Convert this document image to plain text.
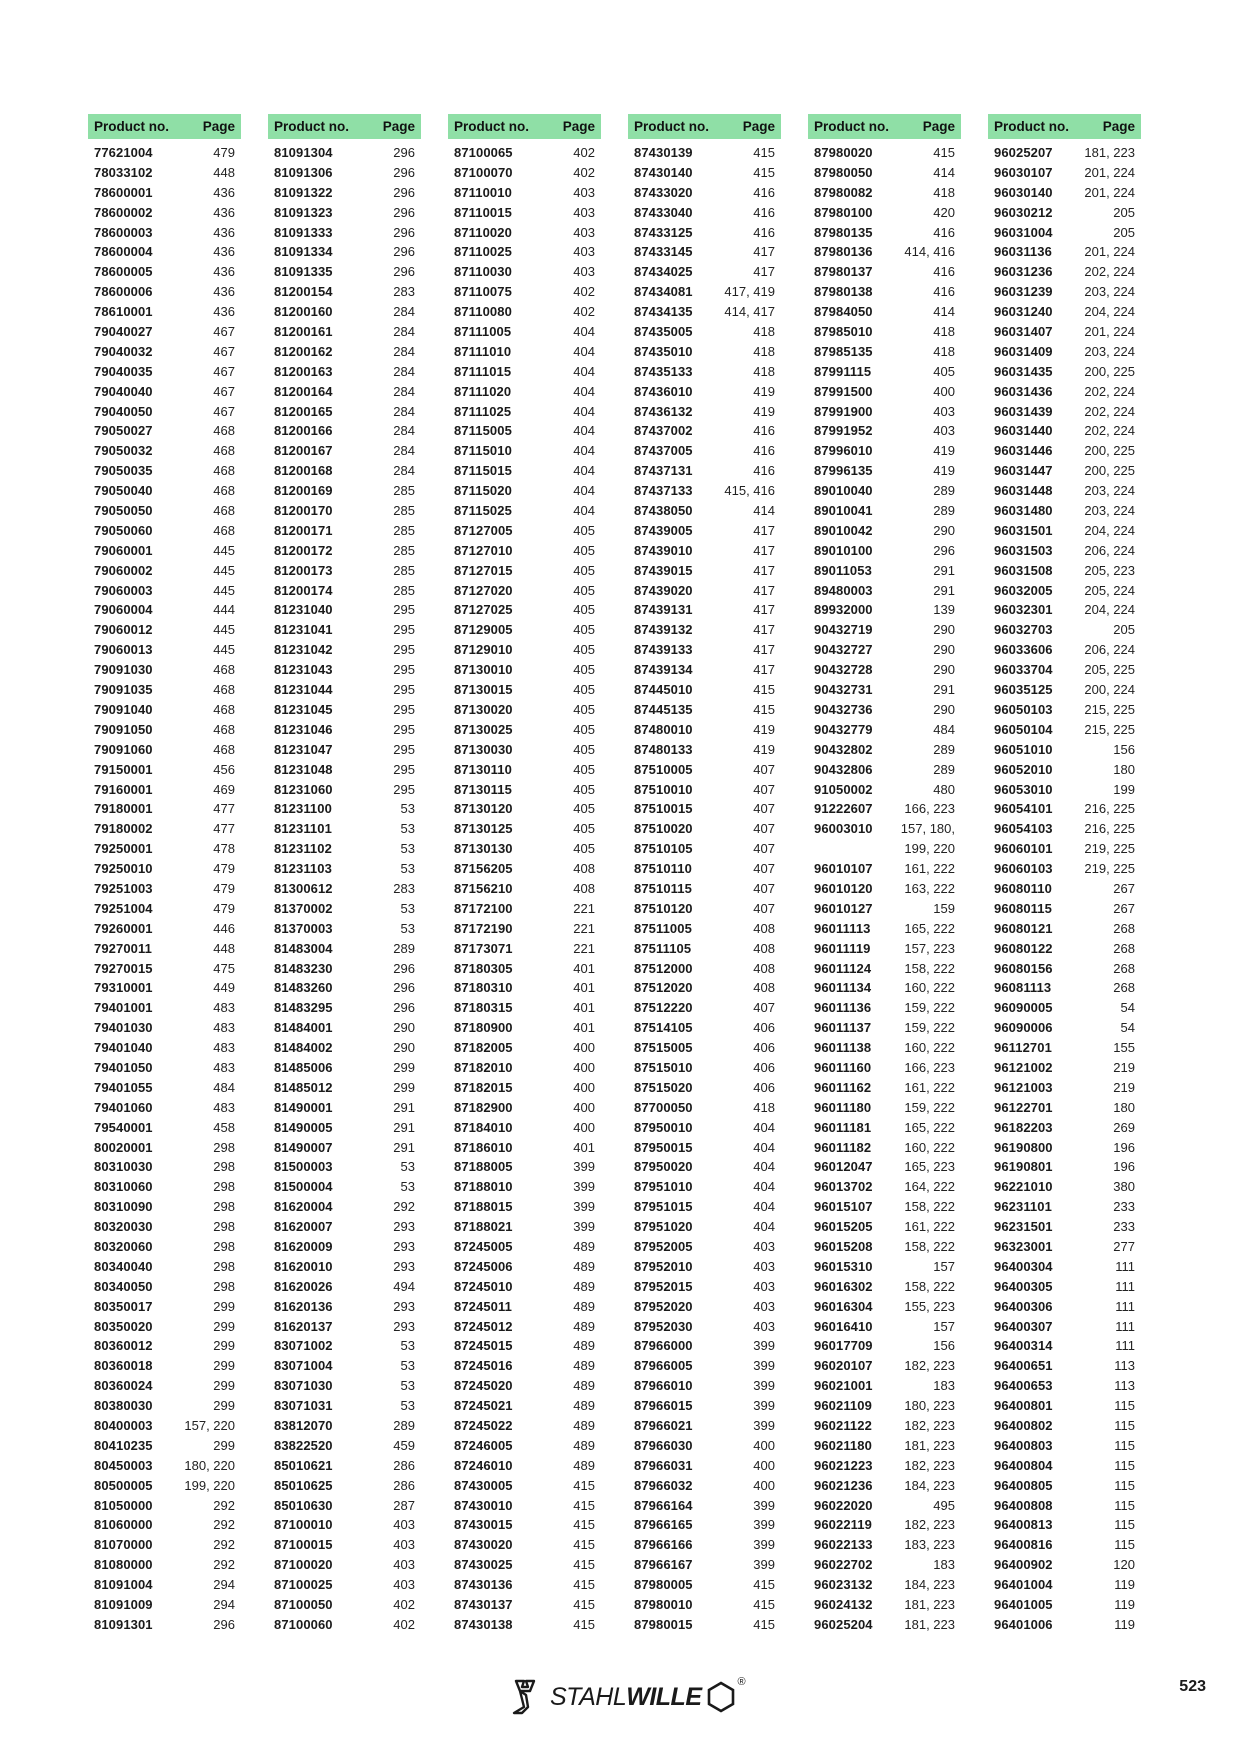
Product no. Page
77621004	479
78033102	448
78600001	436
78600002	436
78600003	436
78600004	436
78600005	436
78600006	436
78610001	436
79040027	467
79040032	467
79040035	467
79040040	467
79040050	467
79050027	468
79050032	468
79050035	468
79050040	468
79050050	468
79050060	468
79060001	445
79060002	445
79060003	445
79060004	444
79060012	445
79060013	445
79091030	468
79091035	468
79091040	468
79091050	468
79091060	468
79150001	456
79160001	469
79180001	477
79180002	477
79250001	478
79250010	479
79251003	479
79251004	479
79260001	446
79270011	448
79270015	475
79310001	449
79401001	483
79401030	483
79401040	483
79401050	483
79401055	484
79401060	483
79540001	458
80020001	298
80310030	298
80310060	298
80310090	298
80320030	298
80320060	298
80340040	298
80340050	298
80350017	299
80350020	299
80360012	299
80360018	299
80360024	299
80380030	299
80400003 157, 220
80410235	299
80450003 180, 220
80500005 199, 220
81050000	292
81060000	292
81070000	292
81080000	292
81091004	294
81091009	294
81091301	296
Product no. Page
81091304	296
81091306	296
81091322	296
81091323	296
81091333	296
81091334	296
81091335	296
81200154	283
81200160	284
81200161	284
81200162	284
81200163	284
81200164	284
81200165	284
81200166	284
81200167	284
81200168	284
81200169	285
81200170	285
81200171	285
81200172	285
81200173	285
81200174	285
81231040	295
81231041	295
81231042	295
81231043	295
81231044	295
81231045	295
81231046	295
81231047	295
81231048	295
81231060	295
81231100	53
81231101	53
81231102	53
81231103	53
81300612	283
81370002	53
81370003	53
81483004	289
81483230	296
81483260	296
81483295	296
81484001	290
81484002	290
81485006	299
81485012	299
81490001	291
81490005	291
81490007	291
81500003	53
81500004	53
81620004	292
81620007	293
81620009	293
81620010	293
81620026	494
81620136	293
81620137	293
83071002	53
83071004	53
83071030	53
83071031	53
83812070	289
83822520	459
85010621	286
85010625	286
85010630	287
87100010	403
87100015	403
87100020	403
87100025	403
87100050	402
87100060	402
Product no. Page
87100065	402
87100070	402
87110010	403
87110015	403
87110020	403
87110025	403
87110030	403
87110075	402
87110080	402
87111005	404
87111010	404
87111015	404
87111020	404
87111025	404
87115005	404
87115010	404
87115015	404
87115020	404
87115025	404
87127005	405
87127010	405
87127015	405
87127020	405
87127025	405
87129005	405
87129010	405
87130010	405
87130015	405
87130020	405
87130025	405
87130030	405
87130110	405
87130115	405
87130120	405
87130125	405
87130130	405
87156205	408
87156210	408
87172100	221
87172190	221
87173071	221
87180305	401
87180310	401
87180315	401
87180900	401
87182005	400
87182010	400
87182015	400
87182900	400
87184010	400
87186010	401
87188005	399
87188010	399
87188015	399
87188021	399
87245005	489
87245006	489
87245010	489
87245011	489
87245012	489
87245015	489
87245016	489
87245020	489
87245021	489
87245022	489
87246005	489
87246010	489
87430005	415
87430010	415
87430015	415
87430020	415
87430025	415
87430136	415
87430137	415
87430138	415
Product no. Page
87430139	415
87430140	415
87433020	416
87433040	416
87433125	416
87433145	417
87434025	417
87434081 417, 419
87434135 414, 417
87435005	418
87435010	418
87435133	418
87436010	419
87436132	419
87437002	416
87437005	416
87437131	416
87437133 415, 416
87438050	414
87439005	417
87439010	417
87439015	417
87439020	417
87439131	417
87439132	417
87439133	417
87439134	417
87445010	415
87445135	415
87480010	419
87480133	419
87510005	407
87510010	407
87510015	407
87510020	407
87510105	407
87510110	407
87510115	407
87510120	407
87511005	408
87511105	408
87512000	408
87512020	408
87512220	407
87514105	406
87515005	406
87515010	406
87515020	406
87700050	418
87950010	404
87950015	404
87950020	404
87951010	404
87951015	404
87951020	404
87952005	403
87952010	403
87952015	403
87952020	403
87952030	403
87966000	399
87966005	399
87966010	399
87966015	399
87966021	399
87966030	400
87966031	400
87966032	400
87966164	399
87966165	399
87966166	399
87966167	399
87980005	415
87980010	415
87980015	415
Product no. Page
87980020	415
87980050	414
87980082	418
87980100	420
87980135	416
87980136 414, 416
87980137	416
87980138	416
87984050	414
87985010	418
87985135	418
87991115	405
87991500	400
87991900	403
87991952	403
87996010	419
87996135	419
89010040	289
89010041	289
89010042	290
89010100	296
89011053	291
89480003	291
89932000	139
90432719	290
90432727	290
90432728	290
90432731	291
90432736	290
90432779	484
90432802	289
90432806	289
91050002	480
91222607 166, 223
96003010 157, 180,
199, 220
96010107 161, 222
96010120 163, 222
96010127	159
96011113	165, 222
96011119	157, 223
96011124	158, 222
96011134	160, 222
96011136	159, 222
96011137	159, 222
96011138	160, 222
96011160	166, 223
96011162	161, 222
96011180	159, 222
96011181	165, 222
96011182	160, 222
96012047 165, 223
96013702 164, 222
96015107 158, 222
96015205 161, 222
96015208 158, 222
96015310	157
96016302 158, 222
96016304 155, 223
96016410	157
96017709	156
96020107 182, 223
96021001	183
96021109 180, 223
96021122 182, 223
96021180 181, 223
96021223 182, 223
96021236 184, 223
96022020	495
96022119 182, 223
96022133 183, 223
96022702	183
96023132 184, 223
96024132 181, 223
96025204 181, 223
Product no. Page
96025207 181, 223
96030107 201, 224
96030140 201, 224
96030212	205
96031004	205
96031136 201, 224
96031236 202, 224
96031239 203, 224
96031240 204, 224
96031407 201, 224
96031409 203, 224
96031435 200, 225
96031436 202, 224
96031439 202, 224
96031440 202, 224
96031446 200, 225
96031447 200, 225
96031448 203, 224
96031480 203, 224
96031501 204, 224
96031503 206, 224
96031508 205, 223
96032005 205, 224
96032301 204, 224
96032703	205
96033606 206, 224
96033704 205, 225
96035125 200, 224
96050103 215, 225
96050104 215, 225
96051010	156
96052010	180
96053010	199
96054101 216, 225
96054103 216, 225
96060101 219, 225
96060103 219, 225
96080110	267
96080115	267
96080121	268
96080122	268
96080156	268
96081113	268
96090005	54
96090006	54
96112701	155
96121002	219
96121003	219
96122701	180
96182203	269
96190800	196
96190801	196
96221010	380
96231101	233
96231501	233
96323001	277
96400304	111
96400305	111
96400306	111
96400307	111
96400314	111
96400651	113
96400653	113
96400801	115
96400802	115
96400803	115
96400804	115
96400805	115
96400808	115
96400813	115
96400816	115
96400902	120
96401004	119
96401005	119
96401006	119
STAHLWILLE
®	523
